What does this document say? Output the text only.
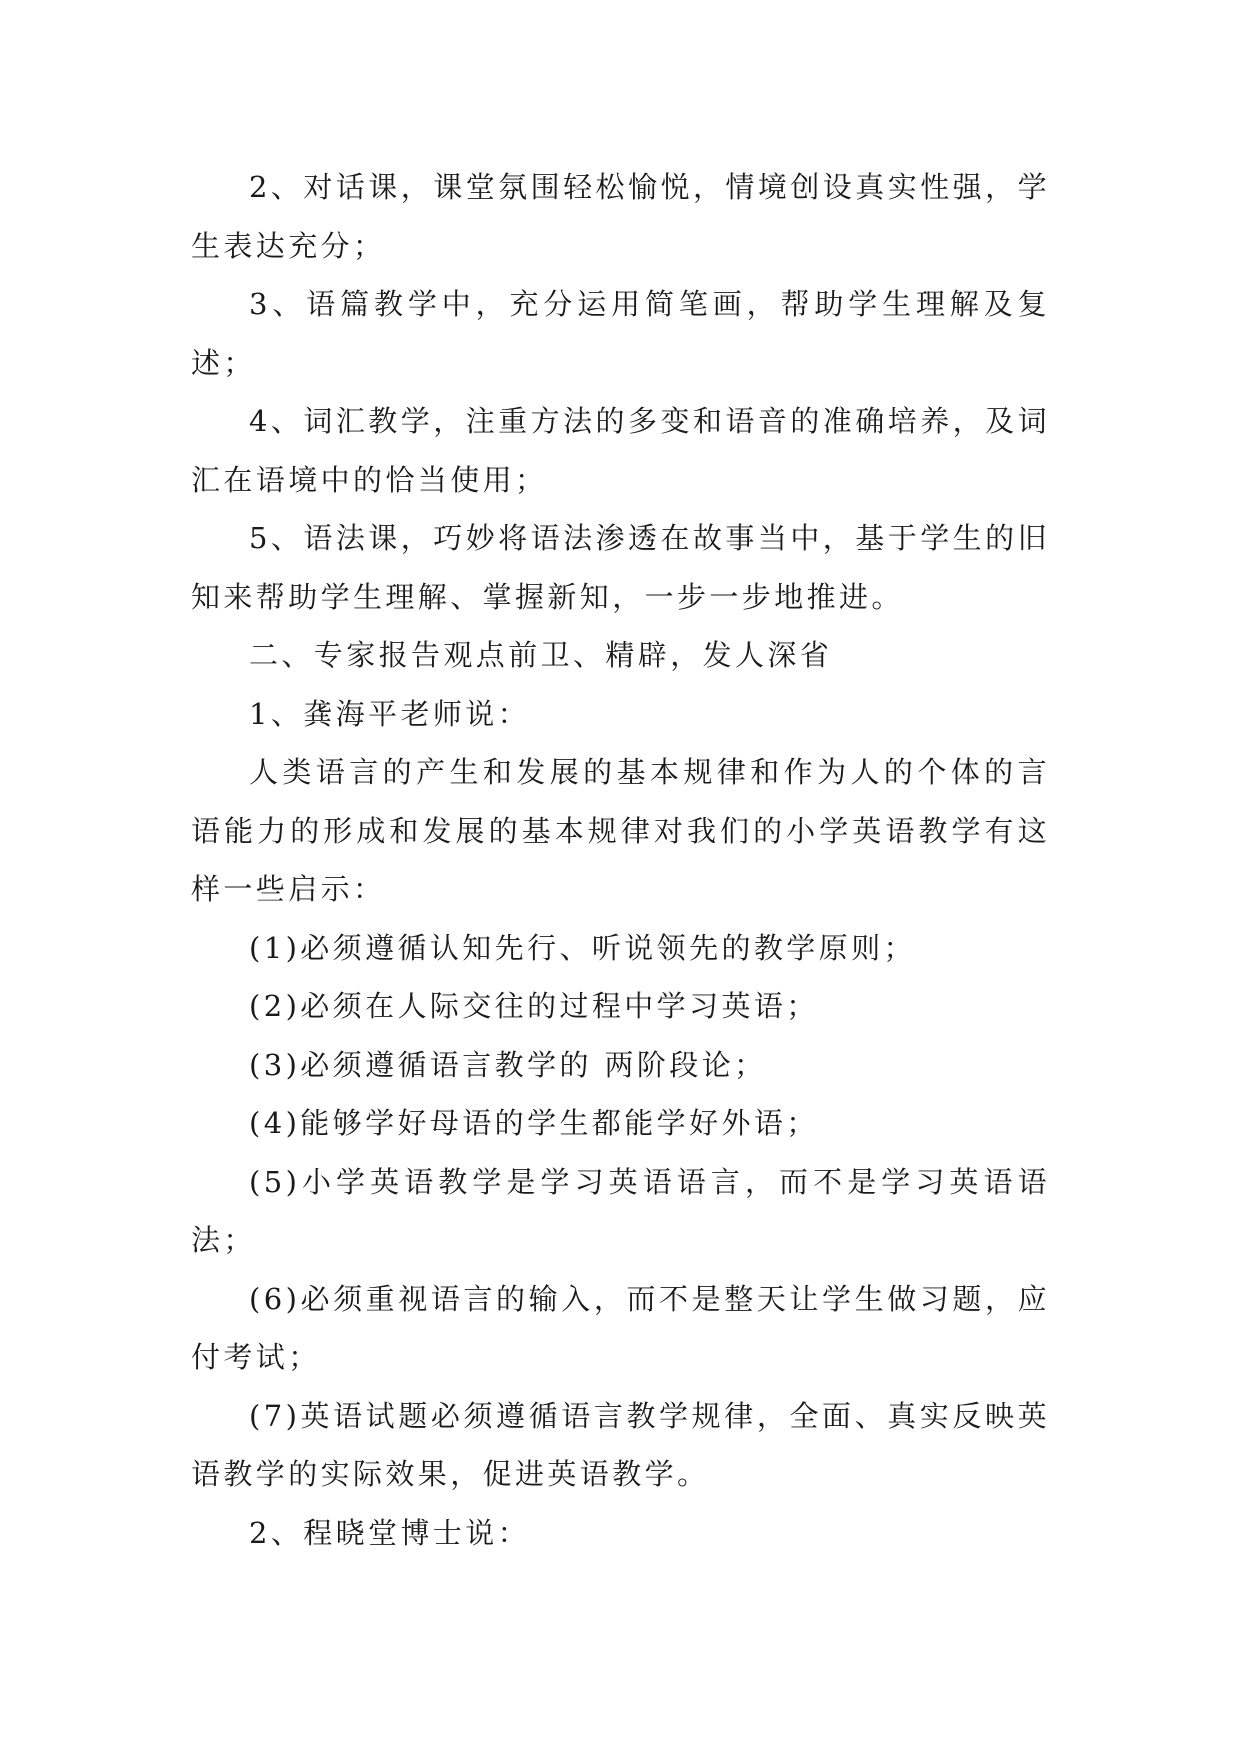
2、对话课，课堂氛围轻松愉悦，情境创设真实性强，学生表达充分；

3、语篇教学中，充分运用简笔画，帮助学生理解及复述；

4、词汇教学，注重方法的多变和语音的准确培养，及词汇在语境中的恰当使用；

5、语法课，巧妙将语法渗透在故事当中，基于学生的旧知来帮助学生理解、掌握新知，一步一步地推进。

二、专家报告观点前卫、精辟，发人深省

1、龚海平老师说：

人类语言的产生和发展的基本规律和作为人的个体的言语能力的形成和发展的基本规律对我们的小学英语教学有这样一些启示：

(1)必须遵循认知先行、听说领先的教学原则；

(2)必须在人际交往的过程中学习英语；

(3)必须遵循语言教学的 两阶段论；

(4)能够学好母语的学生都能学好外语；

(5)小学英语教学是学习英语语言，而不是学习英语语法；

(6)必须重视语言的输入，而不是整天让学生做习题，应付考试；

(7)英语试题必须遵循语言教学规律，全面、真实反映英语教学的实际效果，促进英语教学。

2、程晓堂博士说：
